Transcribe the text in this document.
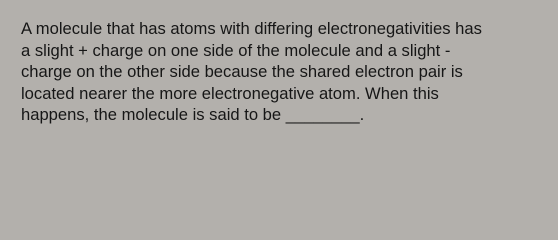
A molecule that has atoms with differing electronegativities has
a slight + charge on one side of the molecule and a slight -
charge on the other side because the shared electron pair is
located nearer the more electronegative atom. When this
happens, the molecule is said to be ________.
